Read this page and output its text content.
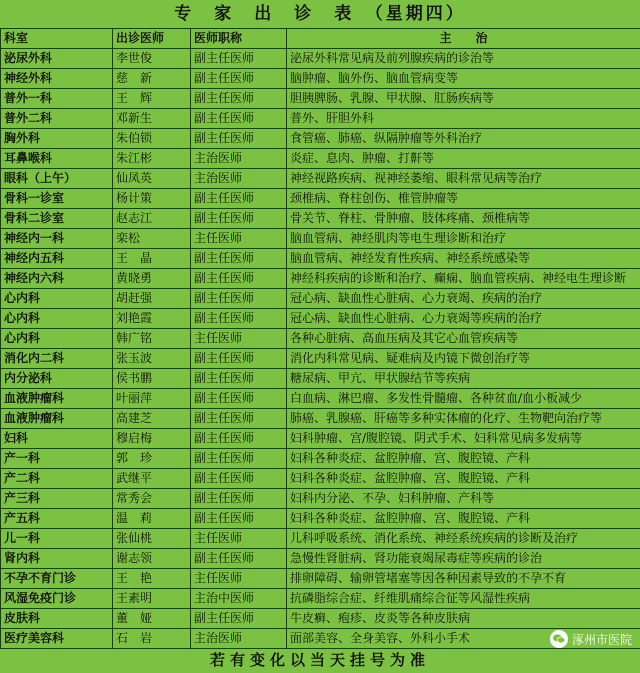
专　家　出　诊　表　（星期四）
科室	出诊医师	医师职称	主　　治
泌尿外科	李世俊	副主任医师	泌尿外科常见病及前列腺疾病的诊治等
神经外科	慈　新	副主任医师	脑肿瘤、脑外伤、脑血管病变等
普外一科	王　辉	副主任医师	胆胰脾肠、乳腺、甲状腺、肛肠疾病等
普外二科	邓新生	副主任医师	普外、肝胆外科
胸外科	朱伯锁	副主任医师	食管癌、肺癌、纵隔肿瘤等外科治疗
耳鼻喉科	朱江彬	主治医师	炎症、息肉、肿瘤、打鼾等
眼科（上午）	仙凤英	主治医师	神经视路疾病、视神经萎缩、眼科常见病等治疗
骨科一诊室	杨计策	副主任医师	颈椎病、脊柱创伤、椎管肿瘤等
骨科二诊室	赵志江	副主任医师	骨关节、脊柱、骨肿瘤、肢体疼痛、颈椎病等
神经内一科	栾松	主任医师	脑血管病、神经肌肉等电生理诊断和治疗
神经内五科	王　晶	副主任医师	脑血管病、神经发育性疾病、神经系统感染等
神经内六科	黄晓勇	副主任医师	神经科疾病的诊断和治疗、癫痫、脑血管疾病、神经电生理诊断
心内科	胡赶强	副主任医师	冠心病、缺血性心脏病、心力衰竭、疾病的治疗
心内科	刘艳霞	副主任医师	冠心病、缺血性心脏病、心力衰竭等疾病的治疗
心内科	韩广铭	主任医师	各种心脏病、高血压病及其它心血管疾病等
消化内二科	张玉波	副主任医师	消化内科常见病、疑难病及内镜下微创治疗等
内分泌科	侯书鹏	副主任医师	糖尿病、甲亢、甲状腺结节等疾病
血液肿瘤科	叶丽萍	副主任医师	白血病、淋巴瘤、多发性骨髓瘤、各种贫血/血小板减少
血液肿瘤科	高建芝	副主任医师	肺癌、乳腺癌、肝癌等多种实体瘤的化疗、生物靶向治疗等
妇科	穆启梅	副主任医师	妇科肿瘤、宫/腹腔镜、阴式手术、妇科常见病多发病等
产一科	郭　珍	副主任医师	妇科各种炎症、盆腔肿瘤、宫、腹腔镜、产科
产二科	武继平	副主任医师	妇科各种炎症、盆腔肿瘤、宫、腹腔镜、产科
产三科	常秀会	副主任医师	妇科内分泌、不孕、妇科肿瘤、产科等
产五科	温　莉	副主任医师	妇科各种炎症、盆腔肿瘤、宫、腹腔镜、产科
儿一科	张仙桃	主任医师	儿科呼吸系统、消化系统、神经系统疾病的诊断及治疗
肾内科	谢志领	副主任医师	急慢性肾脏病、肾功能衰竭尿毒症等疾病的诊治
不孕不育门诊	王　艳	主任医师	排卵障碍、输卵管堵塞等因各种因素导致的不孕不育
风湿免疫门诊	王素明	主治中医师	抗磷脂综合症、纤维肌痛综合征等风湿性疾病
皮肤科	董　娅	副主任医师	牛皮癣、疱疹、皮炎等各种皮肤病
医疗美容科	石　岩	主治医师	面部美容、全身美容、外科小手术	涿州市医院
若有变化以当天挂号为准
